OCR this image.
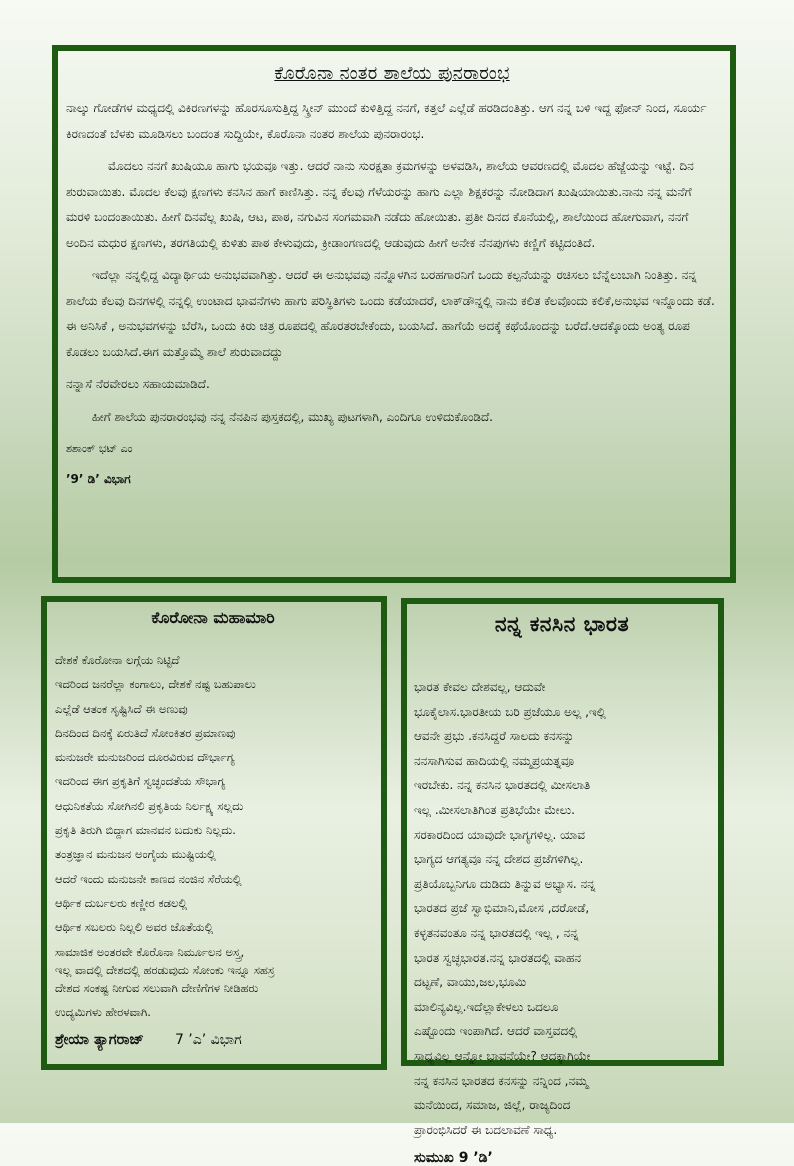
ಕೊರೊನಾ ನಂತರ ಶಾಲೆಯ ಪುನರಾರಂಭ

ನಾಲ್ಕು ಗೋಡೆಗಳ ಮಧ್ಯದಲ್ಲಿ ವಿಕಿರಣಗಳನ್ನು ಹೊರಸೂಸುತ್ತಿದ್ದ ಸ್ಕ್ರೀನ್ ಮುಂದೆ ಕುಳಿತ್ತಿದ್ದ ನನಗೆ, ಕತ್ತಲೆ ಎಲ್ಲೆಡೆ ಹರಡಿದಂತಿತ್ತು. ಆಗ ನನ್ನ ಬಳಿ ಇದ್ದ ಫೋನ್ ನಿಂದ, ಸೂರ್ಯ ಕಿರಣದಂತೆ ಬೆಳಕು ಮೂಡಿಸಲು ಬಂದಂತ ಸುದ್ದಿಯೇ, ಕೊರೊನಾ ನಂತರ ಶಾಲೆಯ ಪುನರಾರಂಭ.

ಮೊದಲು ನನಗೆ ಖುಷಿಯೂ ಹಾಗು ಭಯವೂ ಇತ್ತು. ಆದರೆ ನಾನು ಸುರಕ್ಷತಾ ಕ್ರಮಗಳನ್ನು ಅಳವಡಿಸಿ, ಶಾಲೆಯ ಆವರಣದಲ್ಲಿ ಮೊದಲ ಹೆಜ್ಜೆಯನ್ನು ಇಟ್ಟೆ. ದಿನ ಶುರುವಾಯಿತು. ಮೊದಲ ಕೆಲವು ಕ್ಷಣಗಳು ಕನಸಿನ ಹಾಗೆ ಕಾಣಿಸಿತ್ತು. ನನ್ನ ಕೆಲವು ಗೆಳೆಯರನ್ನು ಹಾಗು ಎಲ್ಲಾ ಶಿಕ್ಷಕರನ್ನು ನೋಡಿದಾಗ ಖುಷಿಯಾಯಿತು.ನಾನು ನನ್ನ ಮನೆಗೆ ಮರಳಿ ಬಂದಂತಾಯಿತು. ಹೀಗೆ ದಿನವೆಲ್ಲ ಖುಷಿ, ಆಟ, ಪಾಠ, ನಗುವಿನ ಸಂಗಮವಾಗಿ ನಡೆದು ಹೋಯಿತು. ಪ್ರತೀ ದಿನದ ಕೊನೆಯಲ್ಲಿ, ಶಾಲೆಯಿಂದ ಹೋಗುವಾಗ, ನನಗೆ ಅಂದಿನ ಮಧುರ ಕ್ಷಣಗಳು, ತರಗತಿಯಲ್ಲಿ ಕುಳಿತು ಪಾಠ ಕೇಳುವುದು, ಕ್ರೀಡಾಂಗಣದಲ್ಲಿ ಆಡುವುದು ಹೀಗೆ ಅನೇಕ ನೆನಪುಗಳು ಕಣ್ಣಿಗೆ ಕಟ್ಟಿದಂತಿದೆ.

ಇದೆಲ್ಲಾ ನನ್ನಲ್ಲಿದ್ದ ವಿದ್ಯಾರ್ಥಿಯ ಅನುಭವವಾಗಿತ್ತು. ಆದರೆ ಈ ಅನುಭವವು ನನ್ನೊಳಗಿನ ಬರಹಗಾರನಿಗೆ ಒಂದು ಕಲ್ಪನೆಯನ್ನು ರಚಿಸಲು ಬೆನ್ನೆಲುಬಾಗಿ ನಿಂತಿತ್ತು. ನನ್ನ ಶಾಲೆಯ ಕೆಲವು ದಿನಗಳಲ್ಲಿ ನನ್ನಲ್ಲಿ ಉಂಟಾದ ಭಾವನೆಗಳು ಹಾಗು ಪರಿಸ್ಥಿತಿಗಳು ಒಂದು ಕಡೆಯಾದರೆ, ಲಾಕ್‌ಡೌನ್ನಲ್ಲಿ ನಾನು ಕಲಿತ ಕೆಲವೊಂದು ಕಲಿಕೆ,ಅನುಭವ ಇನ್ನೊಂದು ಕಡೆ. ಈ ಅನಿಸಿಕೆ , ಅನುಭವಗಳನ್ನು ಬೆರೆಸಿ, ಒಂದು ಕಿರು ಚಿತ್ರ ರೂಪದಲ್ಲಿ ಹೊರತರಬೇಕೆಂದು, ಬಯಸಿದೆ. ಹಾಗೆಯೆ ಅದಕ್ಕೆ ಕಥೆಯೊಂದನ್ನು ಬರೆದೆ.ಆದಕ್ಕೊಂದು ಅಂತ್ಯ ರೂಪ ಕೊಡಲು ಬಯಸಿದೆ.ಈಗ ಮತ್ತೊಮ್ಮೆ ಶಾಲೆ ಶುರುವಾದದ್ದು

ನನ್ನಾಸೆ ನೆರವೇರಲು ಸಹಾಯಮಾಡಿದೆ.

ಹೀಗೆ ಶಾಲೆಯ ಪುನರಾರಂಭವು ನನ್ನ ನೆನಪಿನ ಪುಸ್ತಕದಲ್ಲಿ, ಮುಖ್ಯ ಪುಟಗಳಾಗಿ, ಎಂದಿಗೂ ಉಳಿದುಕೊಂಡಿದೆ.

ಶಶಾಂಕ್ ಭಟ್ ಎಂ
’9’ ಡಿ’ ವಿಭಾಗ
ಕೊರೋನಾ ಮಹಾಮಾರಿ
ದೇಶಕೆ ಕೊರೋನಾ ಲಗ್ಗೆಯ ನಿಟ್ಟಿದೆ
ಇದರಿಂದ ಜನರೆಲ್ಲಾ ಕಂಗಾಲು, ದೇಶಕೆ ನಷ್ಟ ಬಹುಪಾಲು
ಎಲ್ಲೆಡೆ ಆತಂಕ ಸೃಷ್ಟಿಸಿದೆ ಈ ಅಣುವು
ದಿನದಿಂದ ದಿನಕ್ಕೆ ಏರುತಿದೆ ಸೋಂಕಿತರ ಪ್ರಮಾಣವು
ಮನುಜರೇ ಮನುಜರಿಂದ ದೂರವಿರುವ ದೌರ್ಭಾಗ್ಯ
ಇದರಿಂದ ಈಗ ಪ್ರಕೃತಿಗೆ ಸ್ವಚ್ಛಂದತೆಯ ಸೌಭಾಗ್ಯ
ಆಧುನಿಕತೆಯ ಸೋಗಿನಲಿ ಪ್ರಕೃತಿಯ ನಿರ್ಲಕ್ಷ್ಯ ಸಲ್ಲದು
ಪ್ರಕೃತಿ ತಿರುಗಿ ಬಿದ್ದಾಗ ಮಾನವನ ಬದುಕು ನಿಲ್ಲದು.
ತಂತ್ರಜ್ಞಾನ ಮನುಜನ ಅಂಗೈಯ ಮುಷ್ಟಿಯಲ್ಲಿ
ಆದರೆ ಇಂದು ಮನುಜನೇ ಕಾಣದ ನಂಜಿನ ಸೆರೆಯಲ್ಲಿ
ಆರ್ಥಿಕ ದುರ್ಬಲರು ಕಣ್ಣೀರ ಕಡಲಲ್ಲಿ
ಆರ್ಥಿಕ ಸಬಲರು ನಿಲ್ಲಲಿ ಅವರ ಜೊತೆಯಲ್ಲಿ
ಸಾಮಾಜಿಕ ಅಂತರವೇ ಕೊರೊನಾ ನಿರ್ಮೂಲನ ಅಸ್ತ್ರ,
ಇಲ್ಲ ವಾದಲ್ಲಿ ದೇಶದಲ್ಲಿ ಹರಡುವುದು ಸೋಂಕು ಇನ್ನೂ ಸಹಸ್ರ
ದೇಶದ ಸಂಕಷ್ಟ ನೀಗುವ ಸಲುವಾಗಿ ದೇಣಿಗೆಗಳ ನೀಡಿಹರು
ಉದ್ಯಮಿಗಳು ಹೇರಳವಾಗಿ.
ಶ್ರೇಯಾ ತ್ಯಾಗರಾಜ್ 7 ’ಎ’ ವಿಭಾಗ
ನನ್ನ ಕನಸಿನ ಭಾರತ
ಭಾರತ ಕೇವಲ ದೇಶವಲ್ಲ, ಆದುವೇ
ಭೂಕೈಲಾಸ.ಭಾರತೀಯ ಬರಿ ಪ್ರಜೆಯೂ ಅಲ್ಲ ,ಇಲ್ಲಿ
ಆವನೇ ಪ್ರಭು .ಕನಸಿದ್ದರೆ ಸಾಲದು ಕನಸನ್ನು
ನನಸಾಗಿಸುವ ಹಾದಿಯಲ್ಲಿ ನಮ್ಮಪ್ರಯತ್ನವೂ
ಇರಬೇಕು. ನನ್ನ ಕನಸಿನ ಭಾರತದಲ್ಲಿ ಮೀಸಲಾತಿ
ಇಲ್ಲ .ಮೀಸಲಾತಿಗಿಂತ ಪ್ರತಿಭೆಯೇ ಮೇಲು.
ಸರಕಾರದಿಂದ ಯಾವುದೇ ಭಾಗ್ಯಗಳಿಲ್ಲ. ಯಾವ
ಭಾಗ್ಯದ ಆಗತ್ಯವೂ ನನ್ನ ದೇಶದ ಪ್ರಜೆಗಳಿಗಿಲ್ಲ.
ಪ್ರತಿಯೊಬ್ಬನಿಗೂ ದುಡಿದು ತಿನ್ನುವ ಅಭ್ಯಾಸ. ನನ್ನ
ಭಾರತದ ಪ್ರಜೆ ಸ್ವಾಭಿಮಾನಿ,ಮೋಸ ,ದರೋಡೆ,
ಕಳ್ಳತನವಂತೂ ನನ್ನ ಭಾರತದಲ್ಲಿ ಇಲ್ಲ , ನನ್ನ
ಭಾರತ ಸ್ವಚ್ಛಭಾರತ.ನನ್ನ ಭಾರತದಲ್ಲಿ ವಾಹನ
ದಟ್ಟಣೆ, ವಾಯು,ಜಲ,ಭೂಮಿ
ಮಾಲಿನ್ಯವಿಲ್ಲ.ಇದೆಲ್ಲಾಕೇಳಲು ಒದಲೂ
ಎಷ್ಟೊಂದು ಇಂಪಾಗಿದೆ. ಆದರೆ ವಾಸ್ತವದಲ್ಲಿ
ಸಾಧ್ಯವಿಲ್ಲ ಆನ್ನೋ ಭಾವನೆಯೇ? ಆದಕ್ಕಾಗಿಯೇ
ನನ್ನ ಕನಸಿನ ಭಾರತದ ಕನಸನ್ನು ನನ್ನಿಂದ ,ನಮ್ಮ
ಮನೆಯಿಂದ, ಸಮಾಜ, ಜಿಲ್ಲೆ, ರಾಜ್ಯದಿಂದ
ಪ್ರಾರಂಭಿಸಿದರೆ ಈ ಬದಲಾವಣೆ ಸಾಧ್ಯ.
ಸುಮುಖ 9 ’ಡಿ’
